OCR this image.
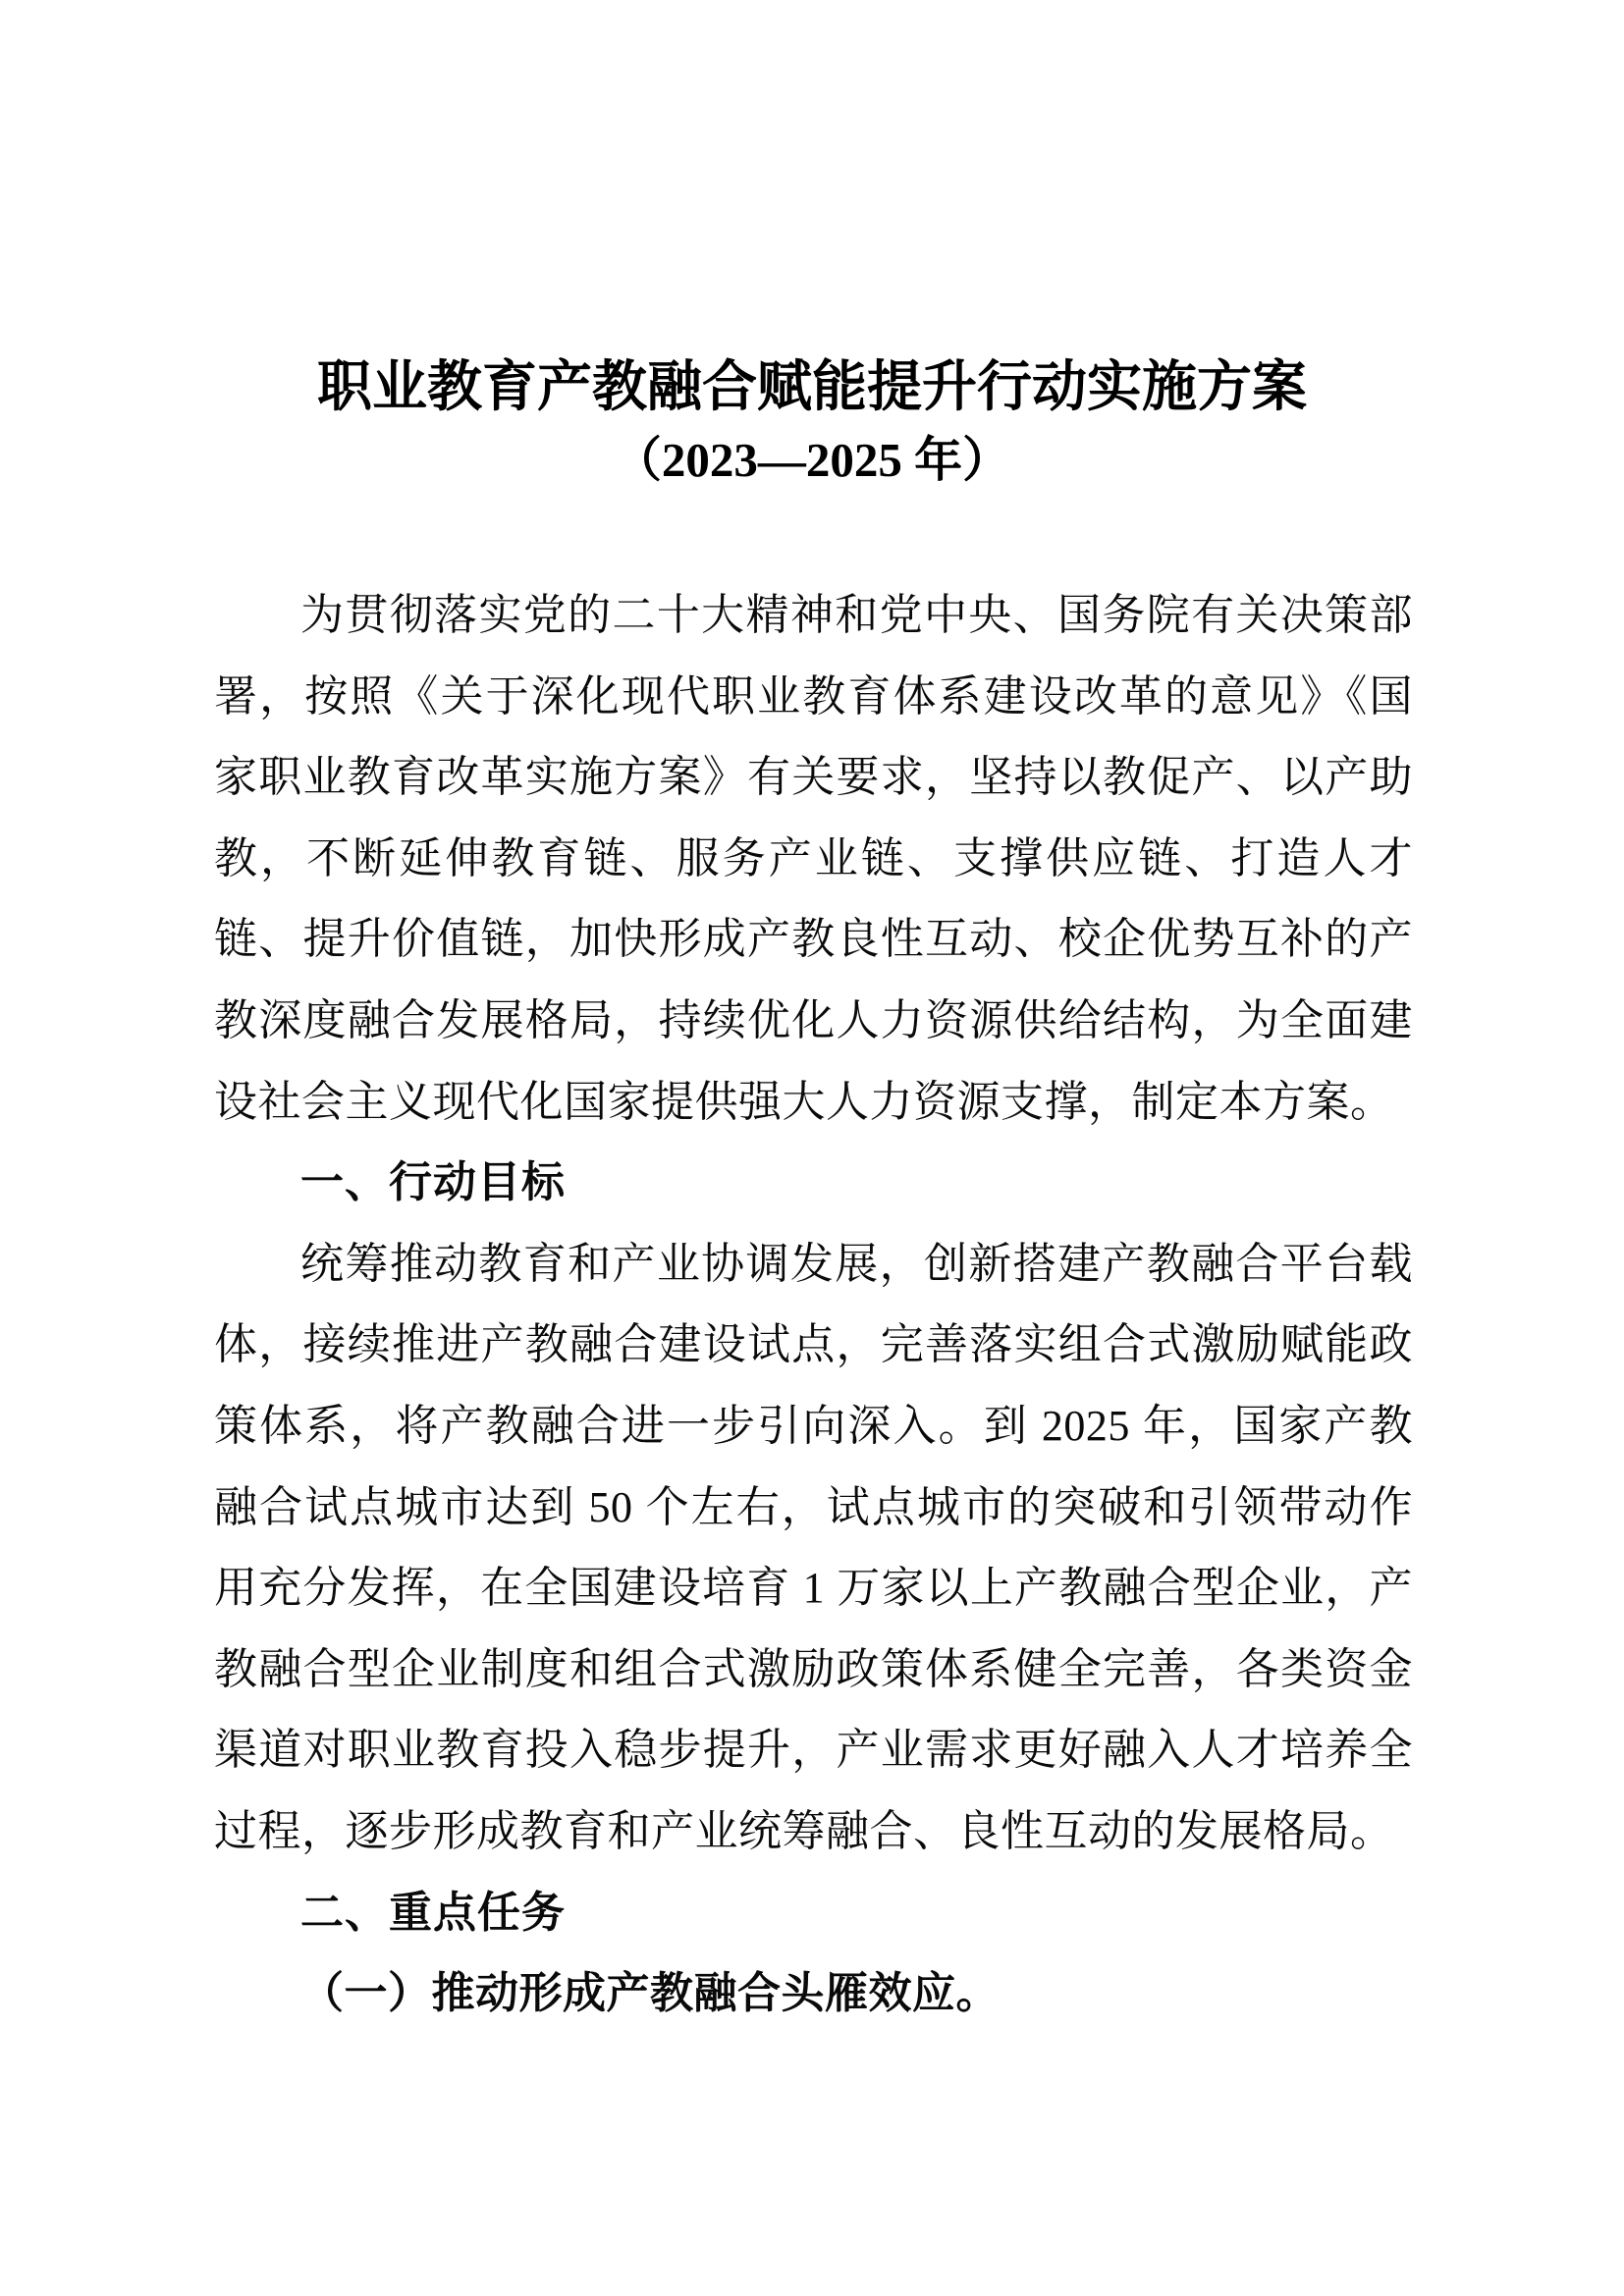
职业教育产教融合赋能提升行动实施方案
（2023—2025 年）

为贯彻落实党的二十大精神和党中央、国务院有关决策部署，按照《关于深化现代职业教育体系建设改革的意见》《国家职业教育改革实施方案》有关要求，坚持以教促产、以产助教，不断延伸教育链、服务产业链、支撑供应链、打造人才链、提升价值链，加快形成产教良性互动、校企优势互补的产教深度融合发展格局，持续优化人力资源供给结构，为全面建设社会主义现代化国家提供强大人力资源支撑，制定本方案。

一、行动目标

统筹推动教育和产业协调发展，创新搭建产教融合平台载体，接续推进产教融合建设试点，完善落实组合式激励赋能政策体系，将产教融合进一步引向深入。到 2025 年，国家产教融合试点城市达到 50 个左右，试点城市的突破和引领带动作用充分发挥，在全国建设培育 1 万家以上产教融合型企业，产教融合型企业制度和组合式激励政策体系健全完善，各类资金渠道对职业教育投入稳步提升，产业需求更好融入人才培养全过程，逐步形成教育和产业统筹融合、良性互动的发展格局。

二、重点任务

（一）推动形成产教融合头雁效应。
